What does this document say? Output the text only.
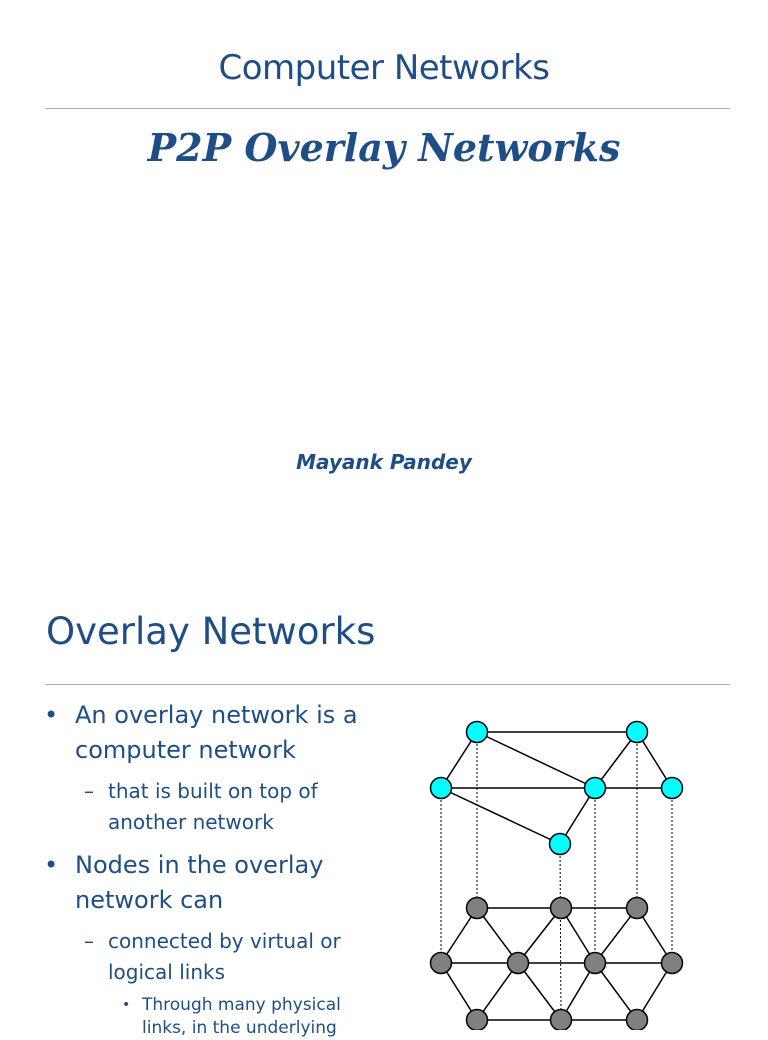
Computer Networks
P2P Overlay Networks
Mayank Pandey
Overlay Networks
• An overlay network is a computer network
– that is built on top of another network
• Nodes in the overlay network can
– connected by virtual or logical links
• Through many physical links, in the underlying
